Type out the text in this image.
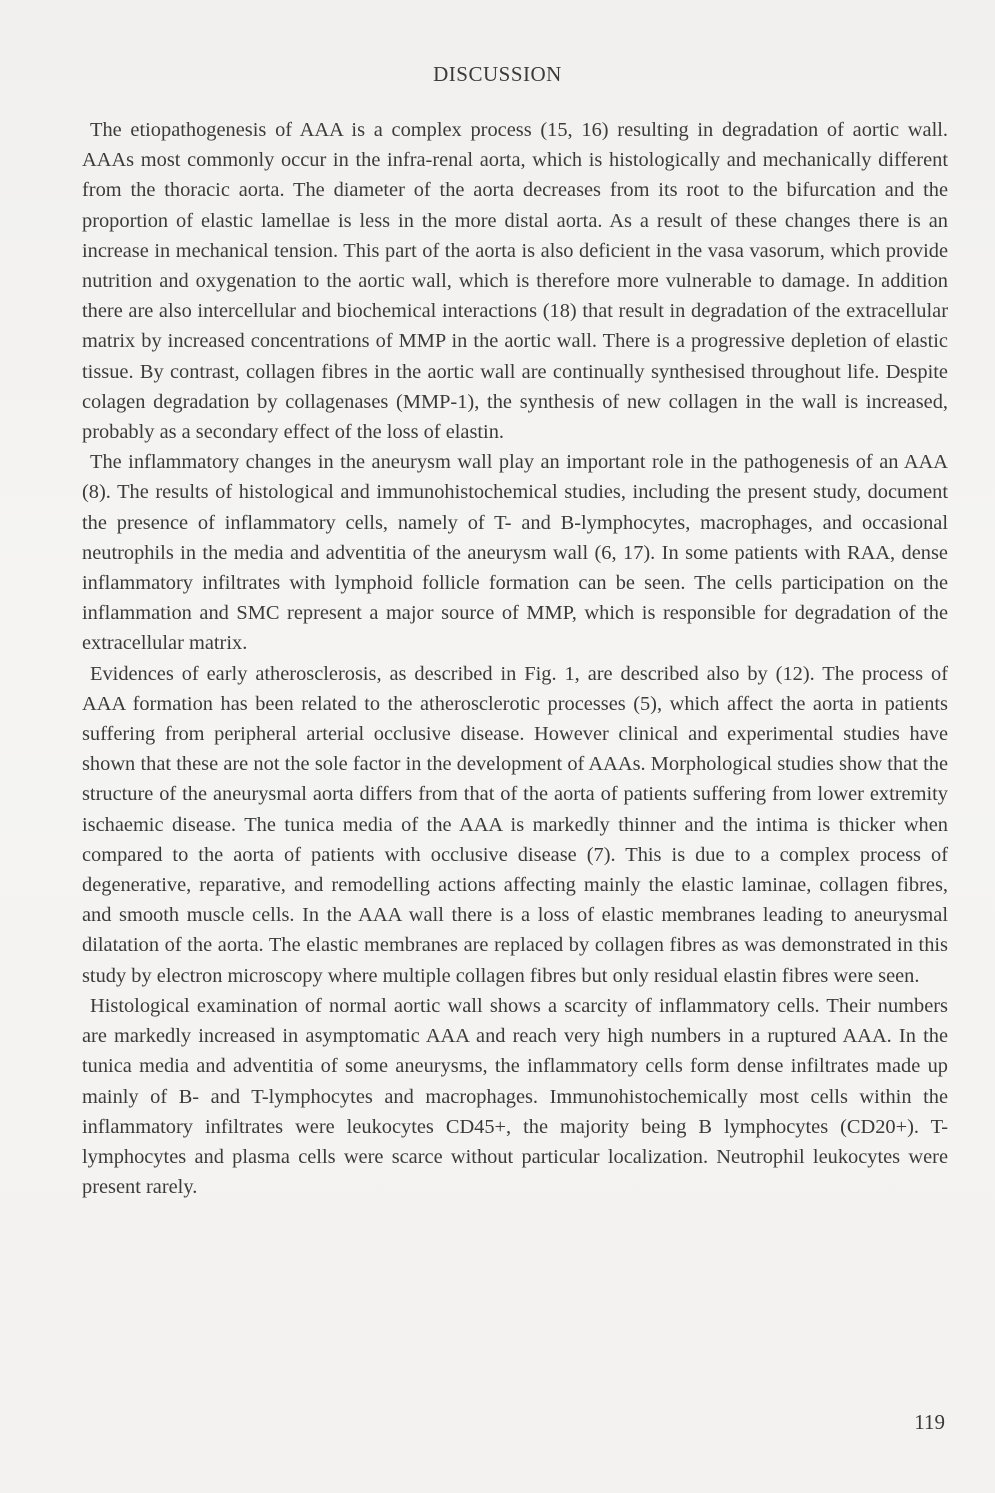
DISCUSSION

The etiopathogenesis of AAA is a complex process (15, 16) resulting in degradation of aortic wall. AAAs most commonly occur in the infra-renal aorta, which is histologically and mechanically different from the thoracic aorta. The diameter of the aorta decreases from its root to the bifurcation and the proportion of elastic lamellae is less in the more distal aorta. As a result of these changes there is an increase in mechanical tension. This part of the aorta is also deficient in the vasa vasorum, which provide nutrition and oxygenation to the aortic wall, which is therefore more vulnerable to damage. In addition there are also intercellular and biochemical interactions (18) that result in degradation of the extracellular matrix by increased concentrations of MMP in the aortic wall. There is a progressive depletion of elastic tissue. By contrast, collagen fibres in the aortic wall are continually synthesised throughout life. Despite colagen degradation by collagenases (MMP-1), the synthesis of new collagen in the wall is increased, probably as a secondary effect of the loss of elastin.

The inflammatory changes in the aneurysm wall play an important role in the pathogenesis of an AAA (8). The results of histological and immunohistochemical studies, including the present study, document the presence of inflammatory cells, namely of T- and B-lymphocytes, macrophages, and occasional neutrophils in the media and adventitia of the aneurysm wall (6, 17). In some patients with RAA, dense inflammatory infiltrates with lymphoid follicle formation can be seen. The cells participation on the inflammation and SMC represent a major source of MMP, which is responsible for degradation of the extracellular matrix.

Evidences of early atherosclerosis, as described in Fig. 1, are described also by (12). The process of AAA formation has been related to the atherosclerotic processes (5), which affect the aorta in patients suffering from peripheral arterial occlusive disease. However clinical and experimental studies have shown that these are not the sole factor in the development of AAAs. Morphological studies show that the structure of the aneurysmal aorta differs from that of the aorta of patients suffering from lower extremity ischaemic disease. The tunica media of the AAA is markedly thinner and the intima is thicker when compared to the aorta of patients with occlusive disease (7). This is due to a complex process of degenerative, reparative, and remodelling actions affecting mainly the elastic laminae, collagen fibres, and smooth muscle cells. In the AAA wall there is a loss of elastic membranes leading to aneurysmal dilatation of the aorta. The elastic membranes are replaced by collagen fibres as was demonstrated in this study by electron microscopy where multiple collagen fibres but only residual elastin fibres were seen.

Histological examination of normal aortic wall shows a scarcity of inflammatory cells. Their numbers are markedly increased in asymptomatic AAA and reach very high numbers in a ruptured AAA. In the tunica media and adventitia of some aneurysms, the inflammatory cells form dense infiltrates made up mainly of B- and T-lymphocytes and macrophages. Immunohistochemically most cells within the inflammatory infiltrates were leukocytes CD45+, the majority being B lymphocytes (CD20+). T-lymphocytes and plasma cells were scarce without particular localization. Neutrophil leukocytes were present rarely.

119
